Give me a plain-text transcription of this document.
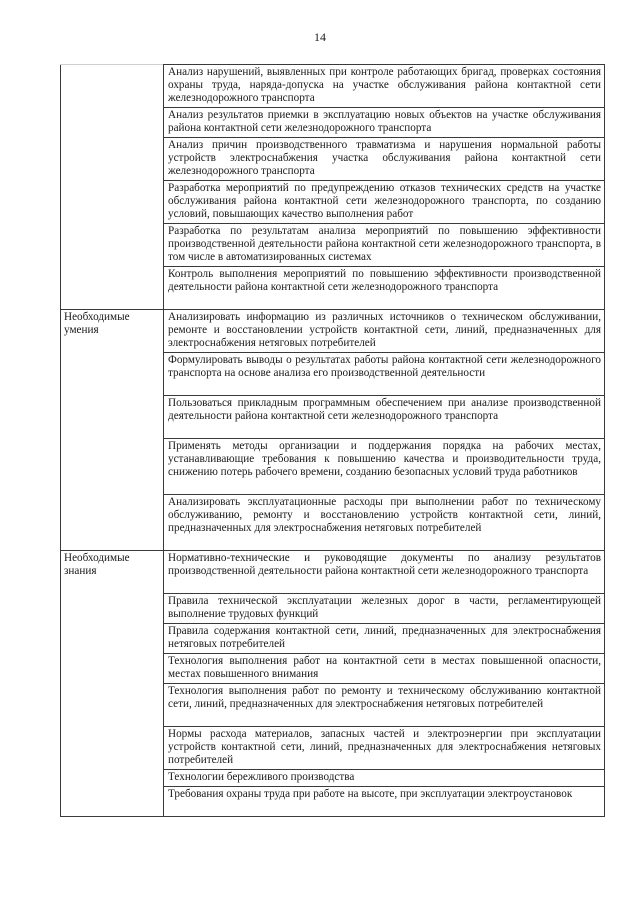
14
	Анализ нарушений, выявленных при контроле работающих бригад, проверках состояния охраны труда, наряда-допуска на участке обслуживания района контактной сети железнодорожного транспорта
	Анализ результатов приемки в эксплуатацию новых объектов на участке обслуживания района контактной сети железнодорожного транспорта
	Анализ причин производственного травматизма и нарушения нормальной работы устройств электроснабжения участка обслуживания района контактной сети железнодорожного транспорта
	Разработка мероприятий по предупреждению отказов технических средств на участке обслуживания района контактной сети железнодорожного транспорта, по созданию условий, повышающих качество выполнения работ
	Разработка по результатам анализа мероприятий по повышению эффективности производственной деятельности района контактной сети железнодорожного транспорта, в том числе в автоматизированных системах
	Контроль выполнения мероприятий по повышению эффективности производственной деятельности района контактной сети железнодорожного транспорта
Необходимые умения	Анализировать информацию из различных источников о техническом обслуживании, ремонте и восстановлении устройств контактной сети, линий, предназначенных для электроснабжения нетяговых потребителей
	Формулировать выводы о результатах работы района контактной сети железнодорожного транспорта на основе анализа его производственной деятельности
	Пользоваться прикладным программным обеспечением при анализе производственной деятельности района контактной сети железнодорожного транспорта
	Применять методы организации и поддержания порядка на рабочих местах, устанавливающие требования к повышению качества и производительности труда, снижению потерь рабочего времени, созданию безопасных условий труда работников
	Анализировать эксплуатационные расходы при выполнении работ по техническому обслуживанию, ремонту и восстановлению устройств контактной сети, линий, предназначенных для электроснабжения нетяговых потребителей
Необходимые знания	Нормативно-технические и руководящие документы по анализу результатов производственной деятельности района контактной сети железнодорожного транспорта
	Правила технической эксплуатации железных дорог в части, регламентирующей выполнение трудовых функций
	Правила содержания контактной сети, линий, предназначенных для электроснабжения нетяговых потребителей
	Технология выполнения работ на контактной сети в местах повышенной опасности, местах повышенного внимания
	Технология выполнения работ по ремонту и техническому обслуживанию контактной сети, линий, предназначенных для электроснабжения нетяговых потребителей
	Нормы расхода материалов, запасных частей и электроэнергии при эксплуатации устройств контактной сети, линий, предназначенных для электроснабжения нетяговых потребителей
	Технологии бережливого производства
	Требования охраны труда при работе на высоте, при эксплуатации электроустановок
